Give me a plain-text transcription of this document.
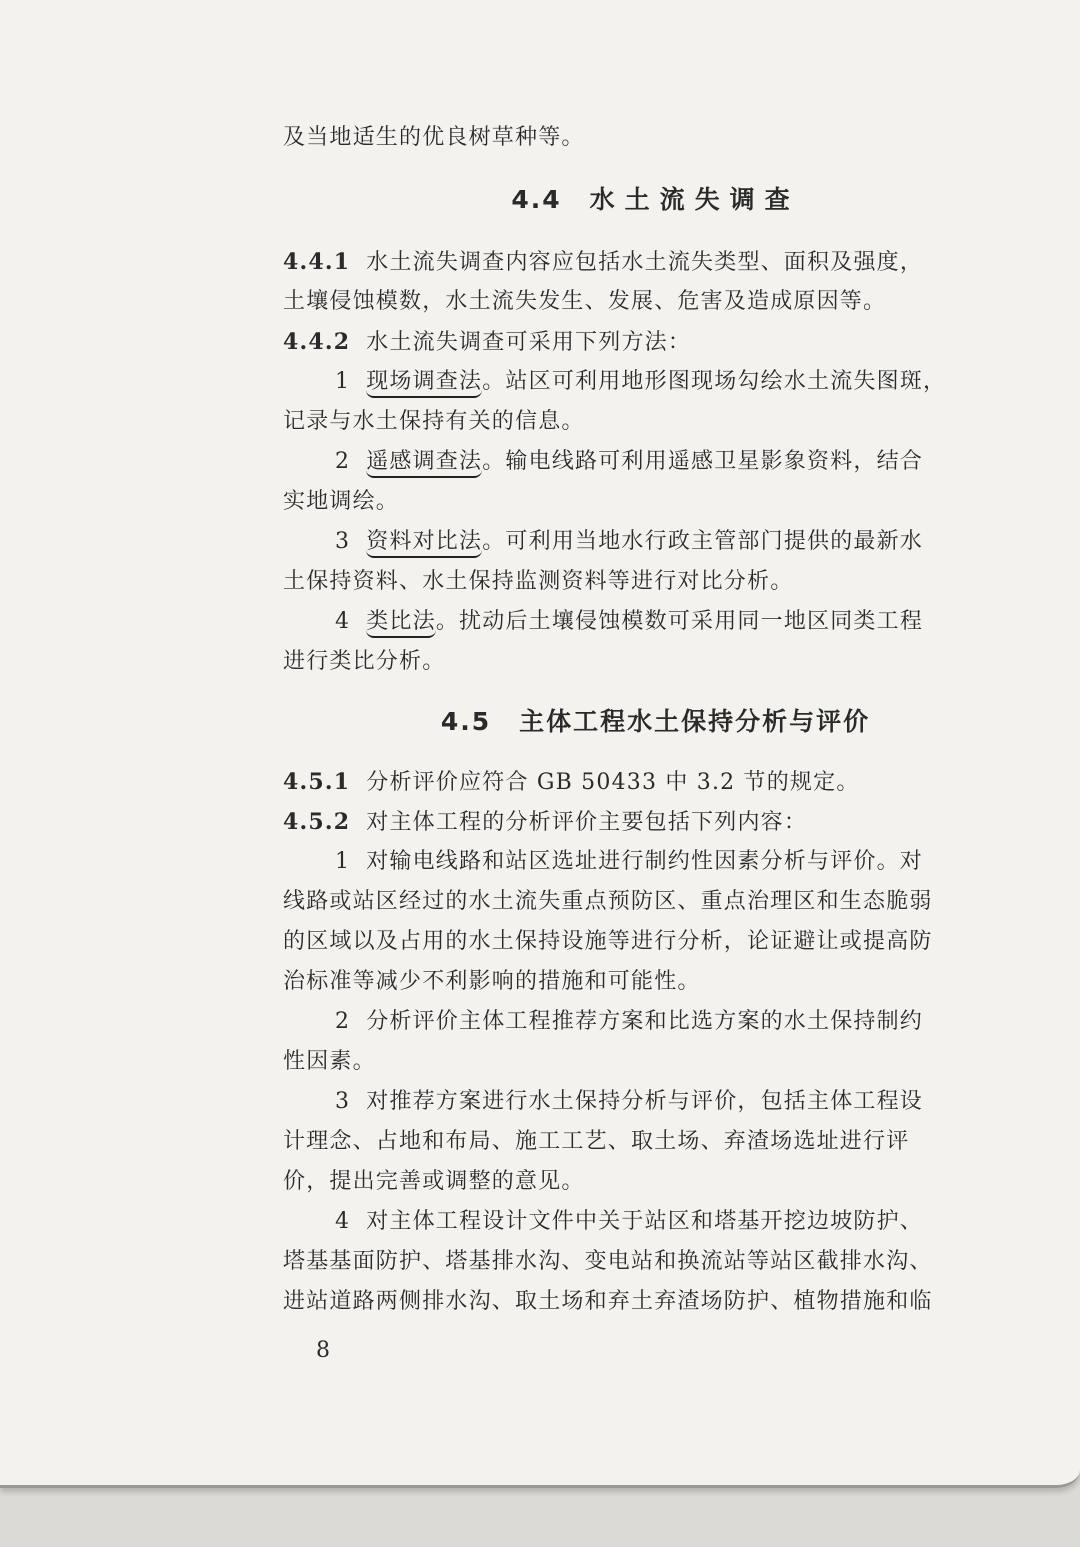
及当地适生的优良树草种等。
4.4 水土流失调查
4.4.1 水土流失调查内容应包括水土流失类型、面积及强度，
土壤侵蚀模数，水土流失发生、发展、危害及造成原因等。
4.4.2 水土流失调查可采用下列方法：
1 现场调查法。站区可利用地形图现场勾绘水土流失图斑，
记录与水土保持有关的信息。
2 遥感调查法。输电线路可利用遥感卫星影象资料，结合
实地调绘。
3 资料对比法。可利用当地水行政主管部门提供的最新水
土保持资料、水土保持监测资料等进行对比分析。
4 类比法。扰动后土壤侵蚀模数可采用同一地区同类工程
进行类比分析。
4.5 主体工程水土保持分析与评价
4.5.1 分析评价应符合 GB 50433 中 3.2 节的规定。
4.5.2 对主体工程的分析评价主要包括下列内容：
1 对输电线路和站区选址进行制约性因素分析与评价。对
线路或站区经过的水土流失重点预防区、重点治理区和生态脆弱
的区域以及占用的水土保持设施等进行分析，论证避让或提高防
治标准等减少不利影响的措施和可能性。
2 分析评价主体工程推荐方案和比选方案的水土保持制约
性因素。
3 对推荐方案进行水土保持分析与评价，包括主体工程设
计理念、占地和布局、施工工艺、取土场、弃渣场选址进行评
价，提出完善或调整的意见。
4 对主体工程设计文件中关于站区和塔基开挖边坡防护、
塔基基面防护、塔基排水沟、变电站和换流站等站区截排水沟、
进站道路两侧排水沟、取土场和弃土弃渣场防护、植物措施和临
8
